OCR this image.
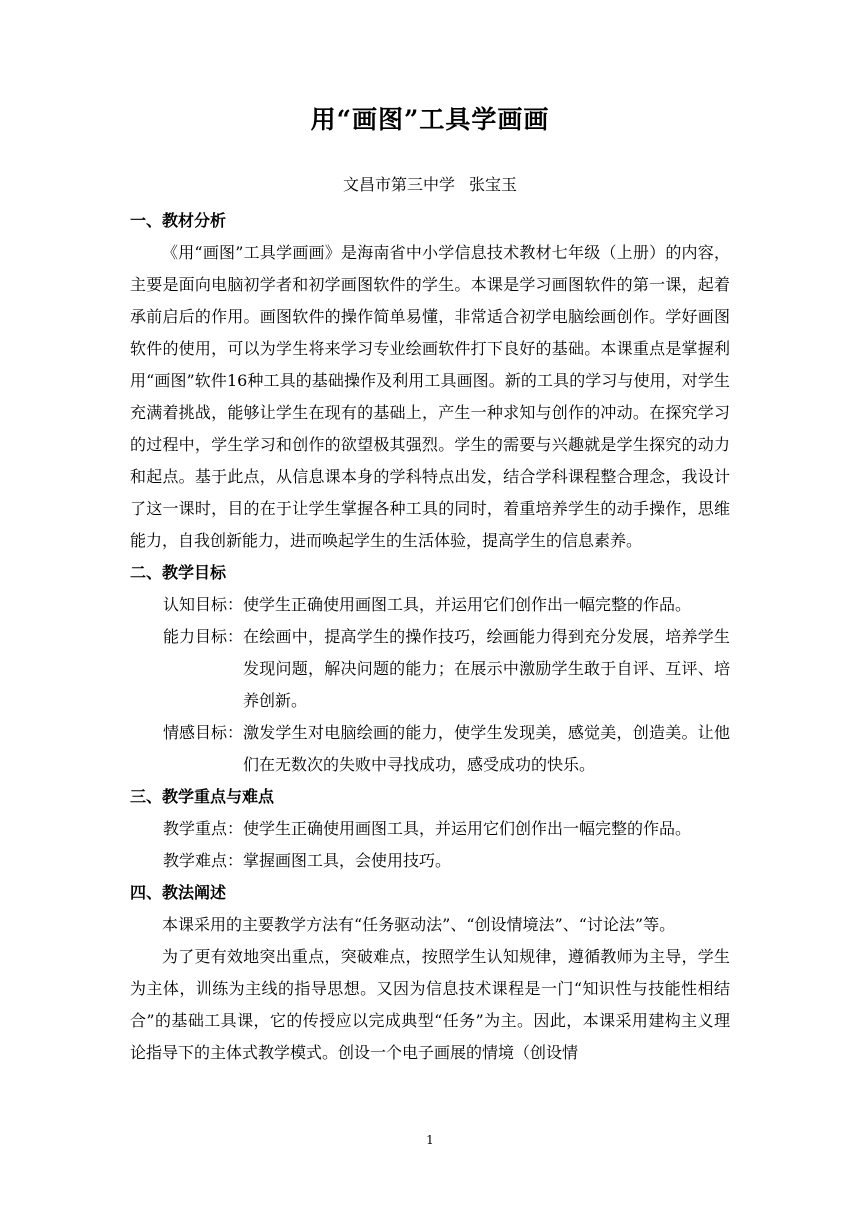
用“画图”工具学画画
文昌市第三中学 张宝玉

一、教材分析

《用“画图”工具学画画》是海南省中小学信息技术教材七年级（上册）的内容，主要是面向电脑初学者和初学画图软件的学生。本课是学习画图软件的第一课，起着承前启后的作用。画图软件的操作简单易懂，非常适合初学电脑绘画创作。学好画图软件的使用，可以为学生将来学习专业绘画软件打下良好的基础。本课重点是掌握利用“画图”软件16种工具的基础操作及利用工具画图。新的工具的学习与使用，对学生充满着挑战，能够让学生在现有的基础上，产生一种求知与创作的冲动。在探究学习的过程中，学生学习和创作的欲望极其强烈。学生的需要与兴趣就是学生探究的动力和起点。基于此点，从信息课本身的学科特点出发，结合学科课程整合理念，我设计了这一课时，目的在于让学生掌握各种工具的同时，着重培养学生的动手操作，思维能力，自我创新能力，进而唤起学生的生活体验，提高学生的信息素养。

二、教学目标

认知目标： 使学生正确使用画图工具，并运用它们创作出一幅完整的作品。
能力目标： 在绘画中，提高学生的操作技巧，绘画能力得到充分发展，培养学生发现问题，解决问题的能力；在展示中激励学生敢于自评、互评、培养创新。
情感目标： 激发学生对电脑绘画的能力，使学生发现美，感觉美，创造美。让他们在无数次的失败中寻找成功，感受成功的快乐。

三、教学重点与难点

教学重点：使学生正确使用画图工具，并运用它们创作出一幅完整的作品。

教学难点：掌握画图工具，会使用技巧。

四、教法阐述

本课采用的主要教学方法有“任务驱动法”、“创设情境法”、“讨论法”等。

为了更有效地突出重点，突破难点，按照学生认知规律，遵循教师为主导，学生为主体，训练为主线的指导思想。又因为信息技术课程是一门“知识性与技能性相结合”的基础工具课，它的传授应以完成典型“任务”为主。因此，本课采用建构主义理论指导下的主体式教学模式。创设一个电子画展的情境（创设情

1
